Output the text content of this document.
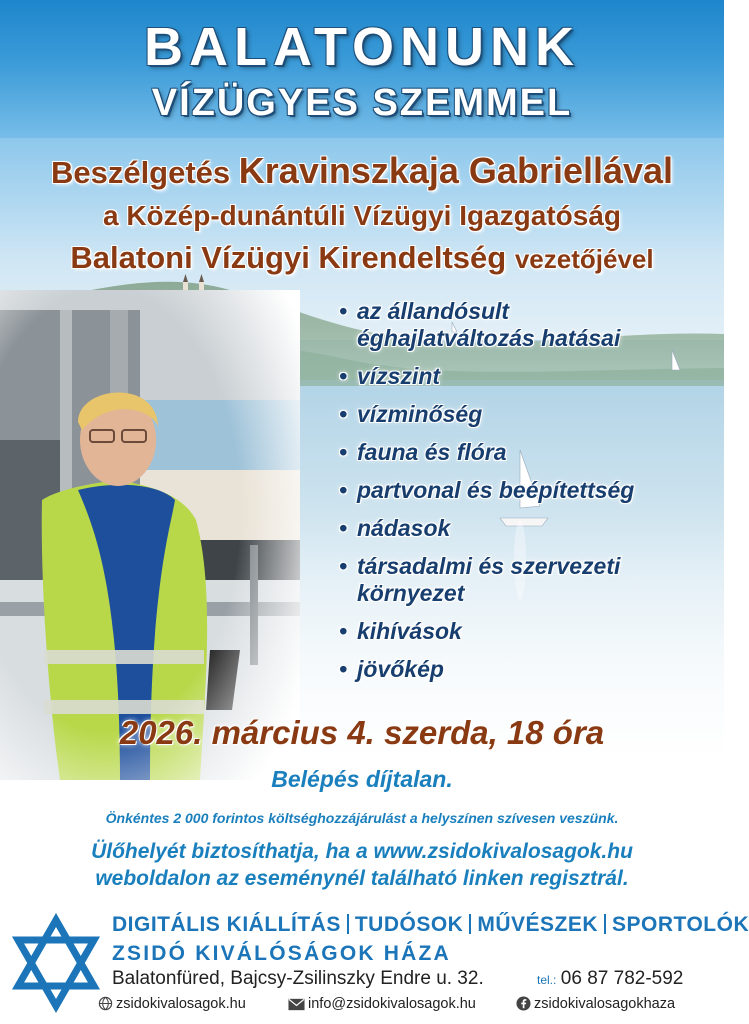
BALATONUNK
VÍZÜGYES SZEMMEL
Beszélgetés Kravinszkaja Gabriellával
a Közép-dunántúli Vízügyi Igazgatóság
Balatoni Vízügyi Kirendeltség vezetőjével
• az állandósult
éghajlatváltozás hatásai
• vízszint
• vízminőség
• fauna és flóra
• partvonal és beépítettség
• nádasok
• társadalmi és szervezeti
környezet
• kihívások
• jövőkép
2026. március 4. szerda, 18 óra
Belépés díjtalan.
Önkéntes 2 000 forintos költséghozzájárulást a helyszínen szívesen veszünk.
Ülőhelyét biztosíthatja, ha a www.zsidokivalosagok.hu
weboldalon az eseménynél található linken regisztrál.
DIGITÁLIS KIÁLLÍTÁS TUDÓSOK MŰVÉSZEK SPORTOLÓK
ZSIDÓ KIVÁLÓSÁGOK HÁZA
Balatonfüred, Bajcsy-Zsilinszky Endre u. 32.	tel.: 06 87 782-592
zsidokivalosagok.hu	info@zsidokivalosagok.hu	zsidokivalosagokhaza
